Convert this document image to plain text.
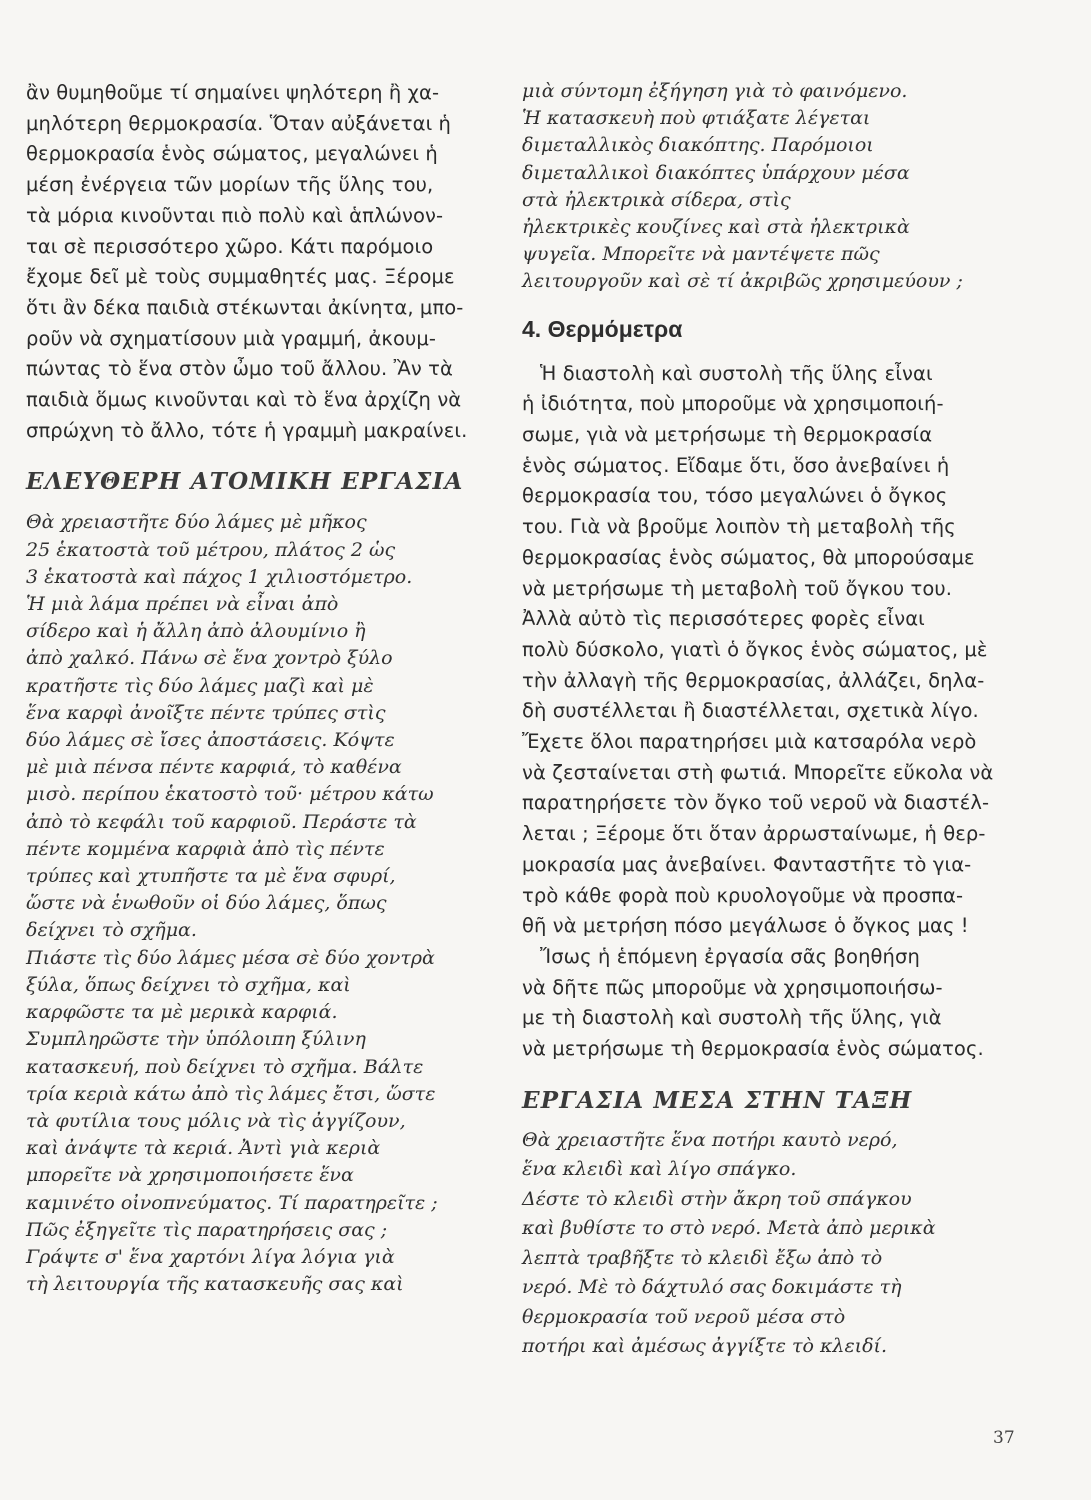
ἂν θυμηθοῦμε τί σημαίνει ψηλότερη ἢ χα-
μηλότερη θερμοκρασία. Ὅταν αὐξάνεται ἡ
θερμοκρασία ἑνὸς σώματος, μεγαλώνει ἡ
μέση ἐνέργεια τῶν μορίων τῆς ὕλης του,
τὰ μόρια κινοῦνται πιὸ πολὺ καὶ ἁπλώνον-
ται σὲ περισσότερο χῶρο. Κάτι παρόμοιο
ἔχομε δεῖ μὲ τοὺς συμμαθητές μας. Ξέρομε
ὅτι ἂν δέκα παιδιὰ στέκωνται ἀκίνητα, μπο-
ροῦν νὰ σχηματίσουν μιὰ γραμμή, ἀκουμ-
πώντας τὸ ἕνα στὸν ὦμο τοῦ ἄλλου. Ἂν τὰ
παιδιὰ ὅμως κινοῦνται καὶ τὸ ἕνα ἀρχίζη νὰ
σπρώχνη τὸ ἄλλο, τότε ἡ γραμμὴ μακραίνει.
ΕΛΕΥΘΕΡΗ ΑΤΟΜΙΚΗ ΕΡΓΑΣΙΑ
Θὰ χρειαστῆτε δύο λάμες μὲ μῆκος
25 ἑκατοστὰ τοῦ μέτρου, πλάτος 2 ὡς
3 ἑκατοστὰ καὶ πάχος 1 χιλιοστόμετρο.
Ἡ μιὰ λάμα πρέπει νὰ εἶναι ἀπὸ
σίδερο καὶ ἡ ἄλλη ἀπὸ ἀλουμίνιο ἢ
ἀπὸ χαλκό. Πάνω σὲ ἕνα χοντρὸ ξύλο
κρατῆστε τὶς δύο λάμες μαζὶ καὶ μὲ
ἕνα καρφὶ ἀνοῖξτε πέντε τρύπες στὶς
δύο λάμες σὲ ἴσες ἀποστάσεις. Κόψτε
μὲ μιὰ πένσα πέντε καρφιά, τὸ καθένα
μισὸ. περίπου ἑκατοστὸ τοῦ· μέτρου κάτω
ἀπὸ τὸ κεφάλι τοῦ καρφιοῦ. Περάστε τὰ
πέντε κομμένα καρφιὰ ἀπὸ τὶς πέντε
τρύπες καὶ χτυπῆστε τα μὲ ἕνα σφυρί,
ὥστε νὰ ἑνωθοῦν οἱ δύο λάμες, ὅπως
δείχνει τὸ σχῆμα.
Πιάστε τὶς δύο λάμες μέσα σὲ δύο χοντρὰ
ξύλα, ὅπως δείχνει τὸ σχῆμα, καὶ
καρφῶστε τα μὲ μερικὰ καρφιά.
Συμπληρῶστε τὴν ὑπόλοιπη ξύλινη
κατασκευή, ποὺ δείχνει τὸ σχῆμα. Βάλτε
τρία κεριὰ κάτω ἀπὸ τὶς λάμες ἔτσι, ὥστε
τὰ φυτίλια τους μόλις νὰ τὶς ἀγγίζουν,
καὶ ἀνάψτε τὰ κεριά. Ἀντὶ γιὰ κεριὰ
μπορεῖτε νὰ χρησιμοποιήσετε ἕνα
καμινέτο οἰνοπνεύματος. Τί παρατηρεῖτε ;
Πῶς ἐξηγεῖτε τὶς παρατηρήσεις σας ;
Γράψτε σ' ἕνα χαρτόνι λίγα λόγια γιὰ
τὴ λειτουργία τῆς κατασκευῆς σας καὶ
μιὰ σύντομη ἐξήγηση γιὰ τὸ φαινόμενο.
Ἡ κατασκευὴ ποὺ φτιάξατε λέγεται
διμεταλλικὸς διακόπτης. Παρόμοιοι
διμεταλλικοὶ διακόπτες ὑπάρχουν μέσα
στὰ ἠλεκτρικὰ σίδερα, στὶς
ἠλεκτρικὲς κουζίνες καὶ στὰ ἠλεκτρικὰ
ψυγεῖα. Μπορεῖτε νὰ μαντέψετε πῶς
λειτουργοῦν καὶ σὲ τί ἀκριβῶς χρησιμεύουν ;
4. Θερμόμετρα
Ἡ διαστολὴ καὶ συστολὴ τῆς ὕλης εἶναι
ἡ ἰδιότητα, ποὺ μποροῦμε νὰ χρησιμοποιή-
σωμε, γιὰ νὰ μετρήσωμε τὴ θερμοκρασία
ἑνὸς σώματος. Εἴδαμε ὅτι, ὅσο ἀνεβαίνει ἡ
θερμοκρασία του, τόσο μεγαλώνει ὁ ὄγκος
του. Γιὰ νὰ βροῦμε λοιπὸν τὴ μεταβολὴ τῆς
θερμοκρασίας ἑνὸς σώματος, θὰ μπορούσαμε
νὰ μετρήσωμε τὴ μεταβολὴ τοῦ ὄγκου του.
Ἀλλὰ αὐτὸ τὶς περισσότερες φορὲς εἶναι
πολὺ δύσκολο, γιατὶ ὁ ὄγκος ἑνὸς σώματος, μὲ
τὴν ἀλλαγὴ τῆς θερμοκρασίας, ἀλλάζει, δηλα-
δὴ συστέλλεται ἢ διαστέλλεται, σχετικὰ λίγο.
Ἔχετε ὅλοι παρατηρήσει μιὰ κατσαρόλα νερὸ
νὰ ζεσταίνεται στὴ φωτιά. Μπορεῖτε εὔκολα νὰ
παρατηρήσετε τὸν ὄγκο τοῦ νεροῦ νὰ διαστέλ-
λεται ; Ξέρομε ὅτι ὅταν ἀρρωσταίνωμε, ἡ θερ-
μοκρασία μας ἀνεβαίνει. Φανταστῆτε τὸ για-
τρὸ κάθε φορὰ ποὺ κρυολογοῦμε νὰ προσπα-
θῆ νὰ μετρήση πόσο μεγάλωσε ὁ ὄγκος μας !
Ἴσως ἡ ἑπόμενη ἐργασία σᾶς βοηθήση
νὰ δῆτε πῶς μποροῦμε νὰ χρησιμοποιήσω-
με τὴ διαστολὴ καὶ συστολὴ τῆς ὕλης, γιὰ
νὰ μετρήσωμε τὴ θερμοκρασία ἑνὸς σώματος.
ΕΡΓΑΣΙΑ ΜΕΣΑ ΣΤΗΝ ΤΑΞΗ
Θὰ χρειαστῆτε ἕνα ποτήρι καυτὸ νερό,
ἕνα κλειδὶ καὶ λίγο σπάγκο.
Δέστε τὸ κλειδὶ στὴν ἄκρη τοῦ σπάγκου
καὶ βυθίστε το στὸ νερό. Μετὰ ἀπὸ μερικὰ
λεπτὰ τραβῆξτε τὸ κλειδὶ ἔξω ἀπὸ τὸ
νερό. Μὲ τὸ δάχτυλό σας δοκιμάστε τὴ
θερμοκρασία τοῦ νεροῦ μέσα στὸ
ποτήρι καὶ ἀμέσως ἀγγίξτε τὸ κλειδί.
37
